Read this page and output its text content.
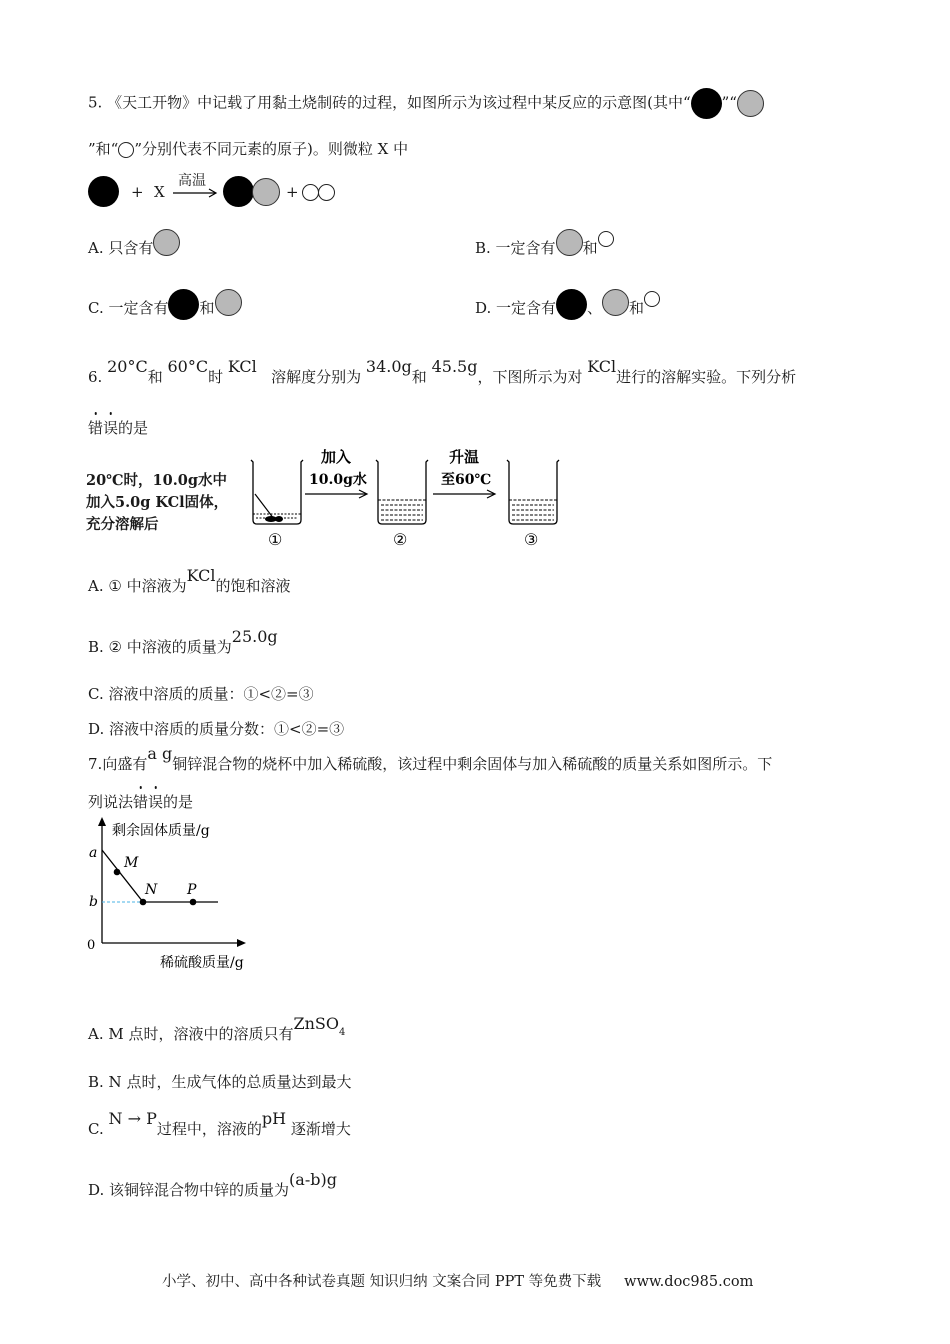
5. 《天工开物》中记载了用黏土烧制砖的过程，如图所示为该过程中某反应的示意图(其中“ ”“
”和“ ”分别代表不同元素的原子)。则微粒 X 中
+ X
高温
+
A. 只含有	B. 一定含有 和
C. 一定含有 和	D. 一定含有 、 和
6. 20°C和 60°C时 KCl   溶解度分别为 34.0g和 45.5g，下图所示为对 KCl进行的溶解实验。下列分析
错误的是
20℃时，10.0g水中
加入5.0g KCl固体，
充分溶解后
加入
10.0g水
升温
至60℃
①	②	③
A. ① 中溶液为KCl的饱和溶液
B. ② 中溶液的质量为25.0g
C. 溶液中溶质的质量：①<②=③
D. 溶液中溶质的质量分数：①<②=③
7.向盛有a g铜锌混合物的烧杯中加入稀硫酸，该过程中剩余固体与加入稀硫酸的质量关系如图所示。下
列说法错误的是
剩余固体质量/g
稀硫酸质量/g
a
b
0
M
N P
A. M 点时，溶液中的溶质只有ZnSO$^4$
B. N 点时，生成气体的总质量达到最大
C. N → P过程中，溶液的pH 逐渐增大
D. 该铜锌混合物中锌的质量为(a-b)g
小学、初中、高中各种试卷真题 知识归纳 文案合同 PPT 等免费下载 www.doc985.com
